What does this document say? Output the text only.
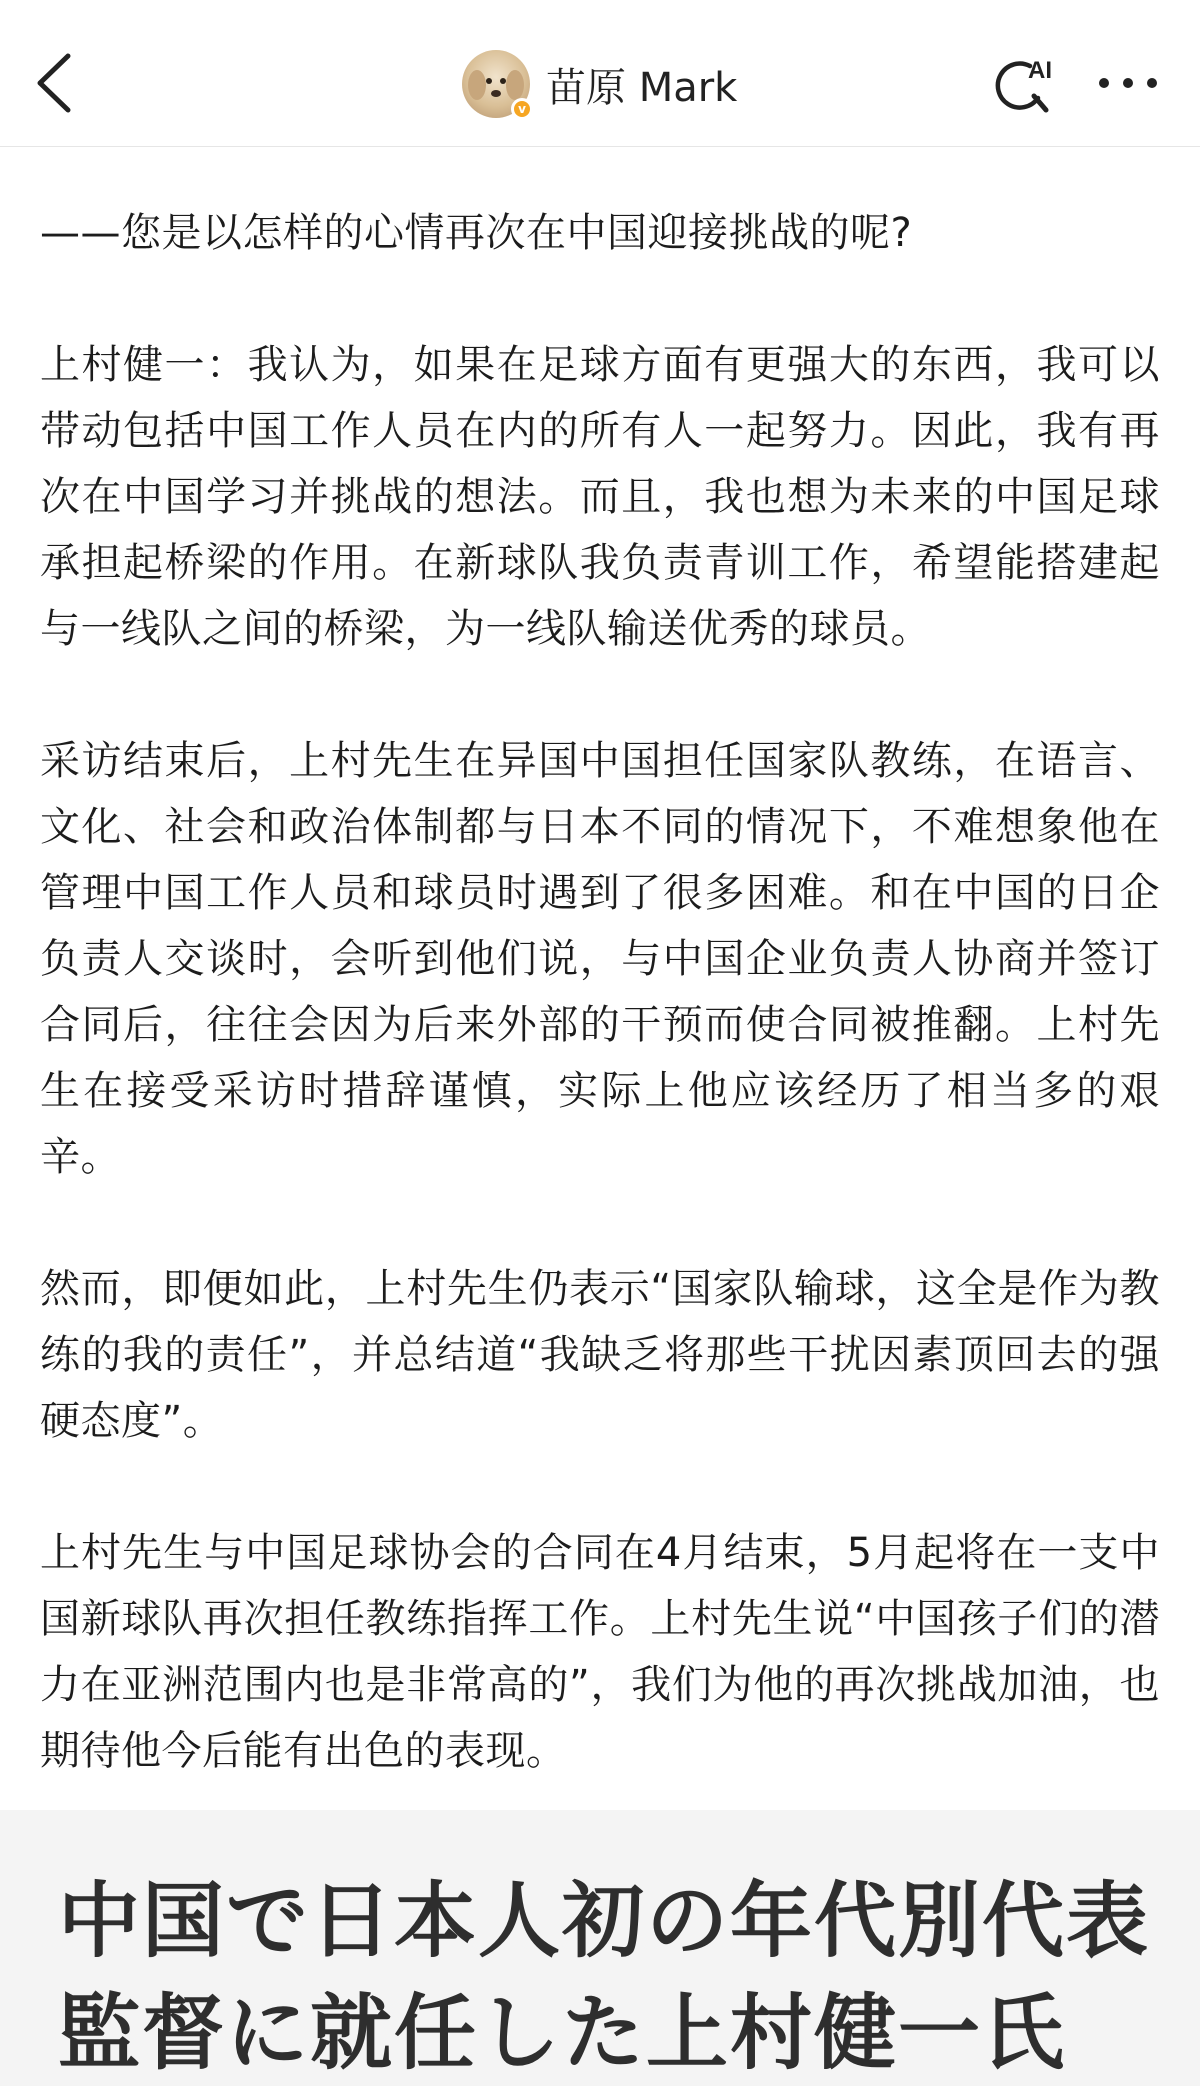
v 苗原 Mark	AI

——您是以怎样的心情再次在中国迎接挑战的呢?

上村健一：我认为，如果在足球方面有更强大的东西，我可以带动包括中国工作人员在内的所有人一起努力。因此，我有再次在中国学习并挑战的想法。而且，我也想为未来的中国足球承担起桥梁的作用。在新球队我负责青训工作，希望能搭建起与一线队之间的桥梁，为一线队输送优秀的球员。

采访结束后，上村先生在异国中国担任国家队教练，在语言、文化、社会和政治体制都与日本不同的情况下，不难想象他在管理中国工作人员和球员时遇到了很多困难。和在中国的日企负责人交谈时，会听到他们说，与中国企业负责人协商并签订合同后，往往会因为后来外部的干预而使合同被推翻。上村先生在接受采访时措辞谨慎，实际上他应该经历了相当多的艰辛。

然而，即便如此，上村先生仍表示“国家队输球，这全是作为教练的我的责任”，并总结道“我缺乏将那些干扰因素顶回去的强硬态度”。

上村先生与中国足球协会的合同在4月结束，5月起将在一支中国新球队再次担任教练指挥工作。上村先生说“中国孩子们的潜力在亚洲范围内也是非常高的”，我们为他的再次挑战加油，也期待他今后能有出色的表现。

中国で日本人初の年代別代表
監督に就任した上村健一氏
